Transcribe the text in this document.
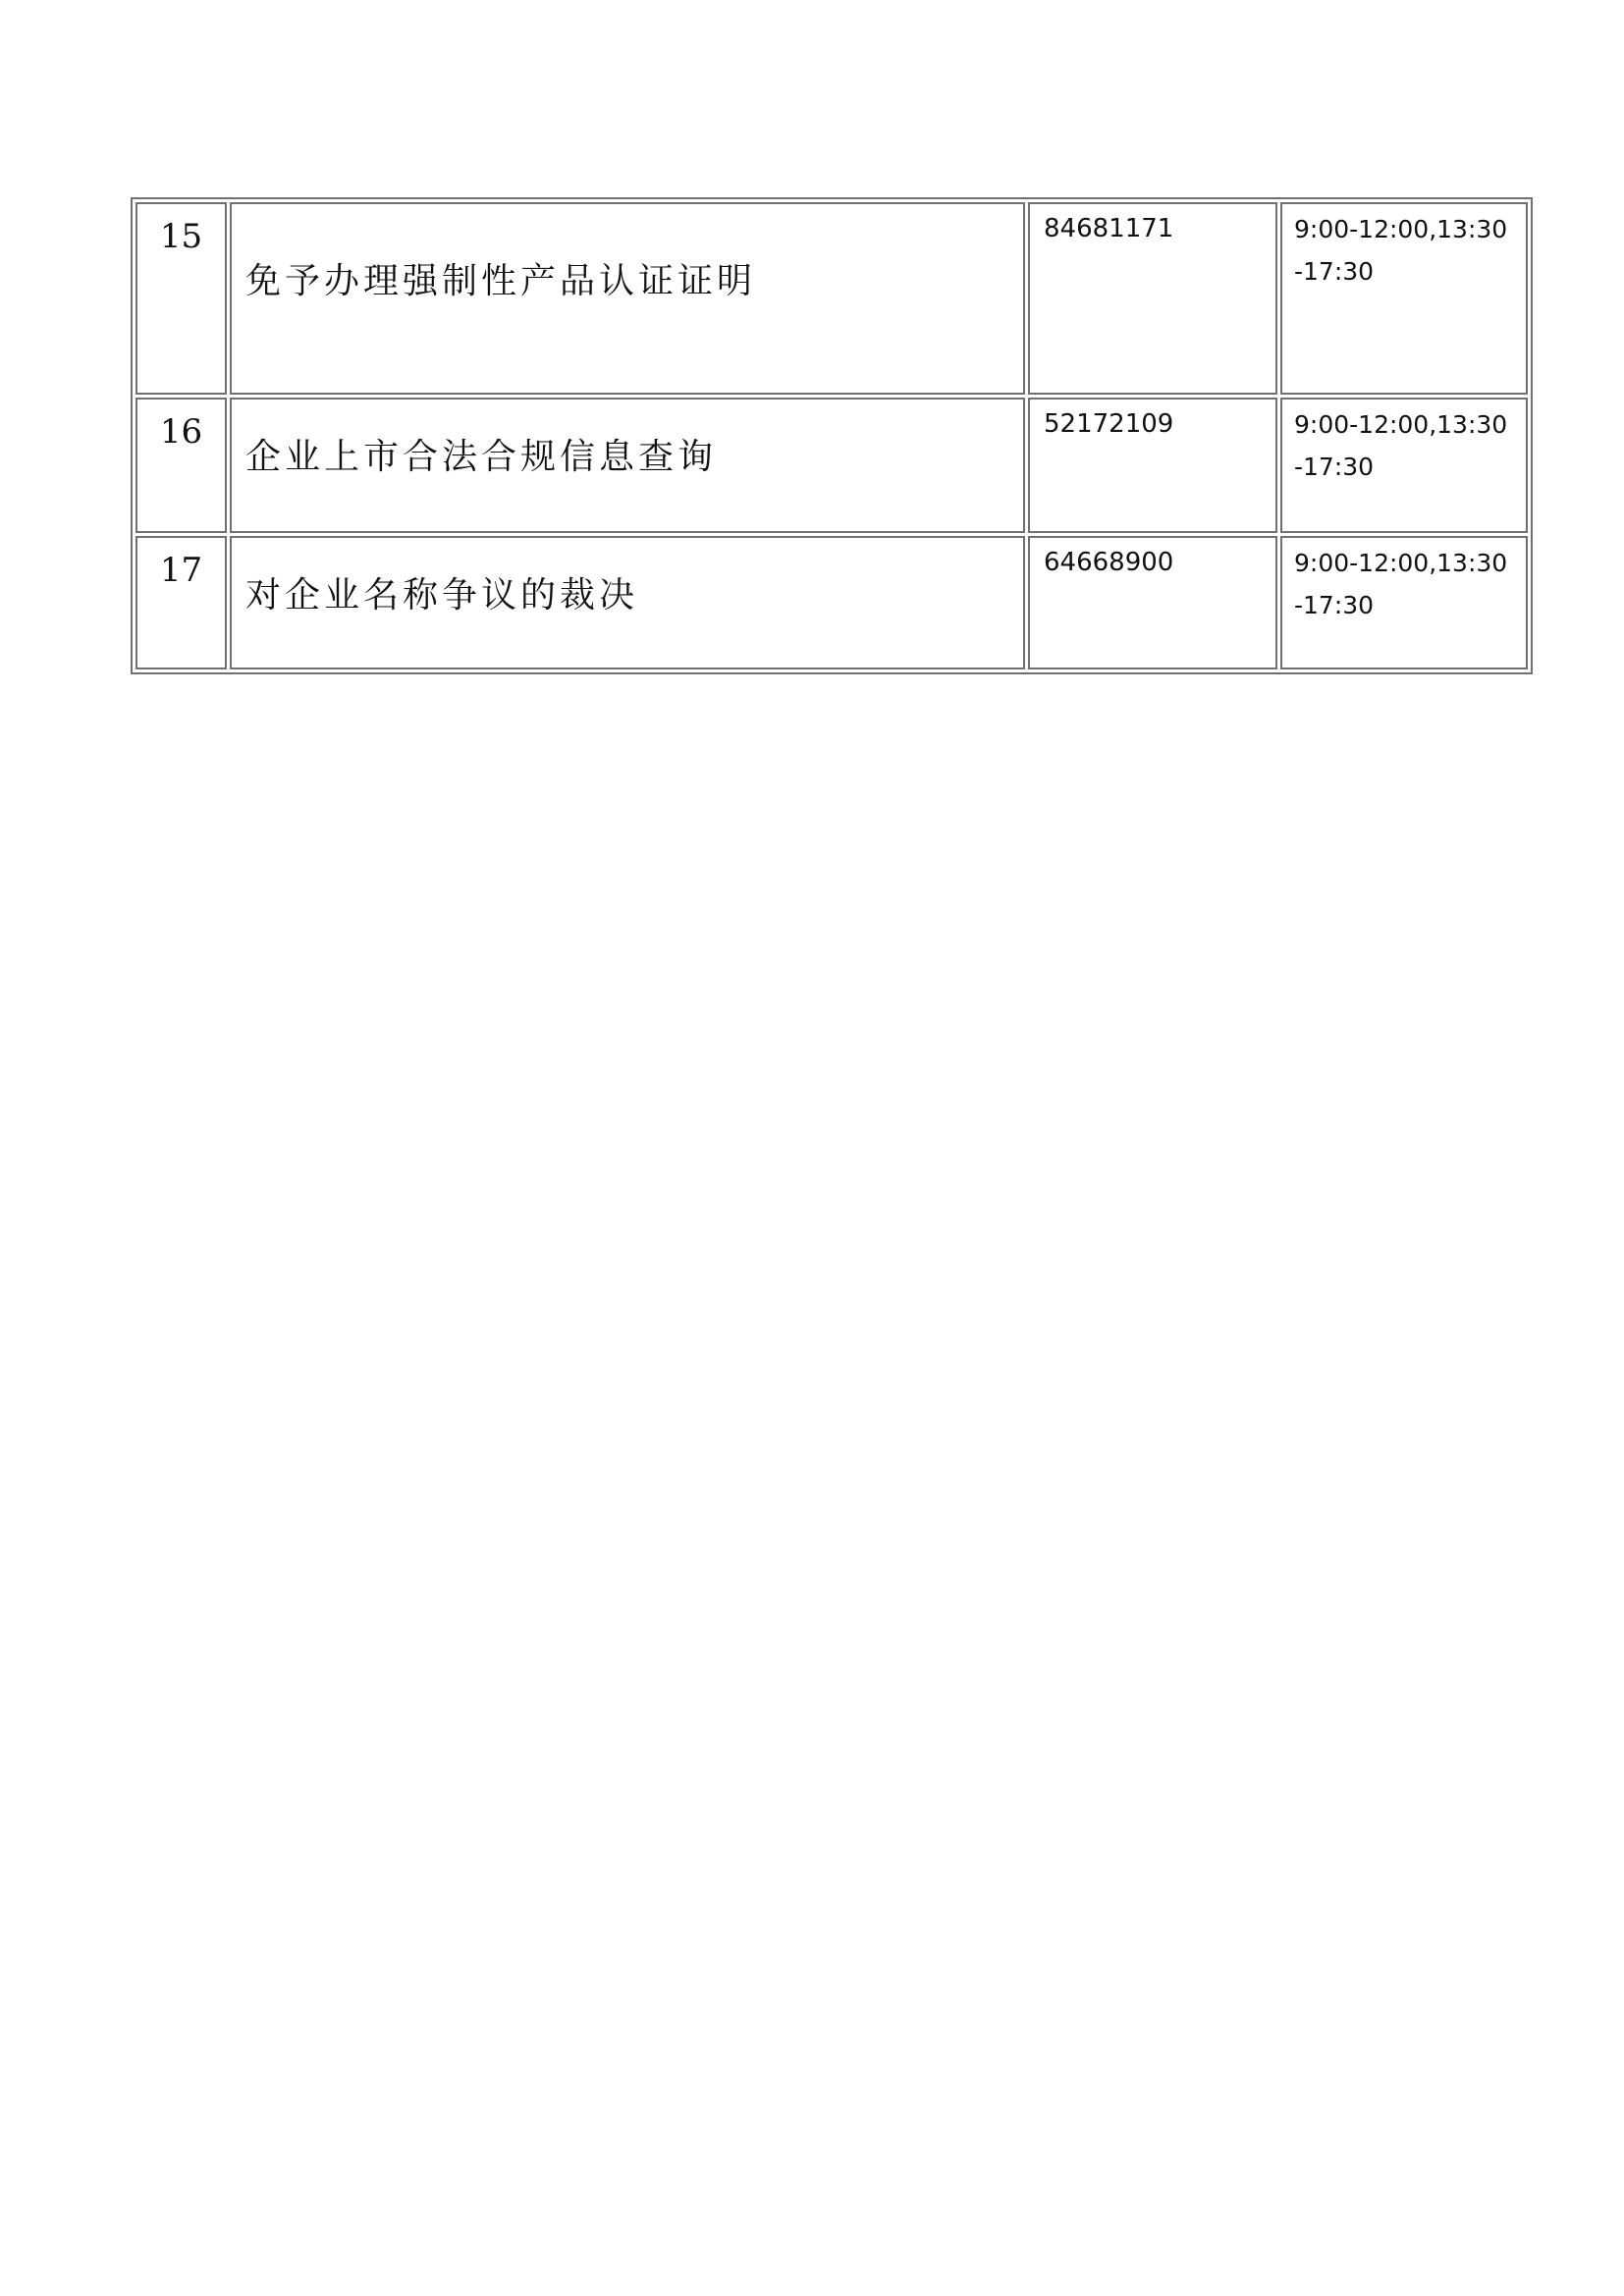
15	免予办理强制性产品认证证明	84681171	9:00-12:00,13:30
-17:30

16	企业上市合法合规信息查询	52172109	9:00-12:00,13:30
-17:30

17	对企业名称争议的裁决	64668900	9:00-12:00,13:30
-17:30
